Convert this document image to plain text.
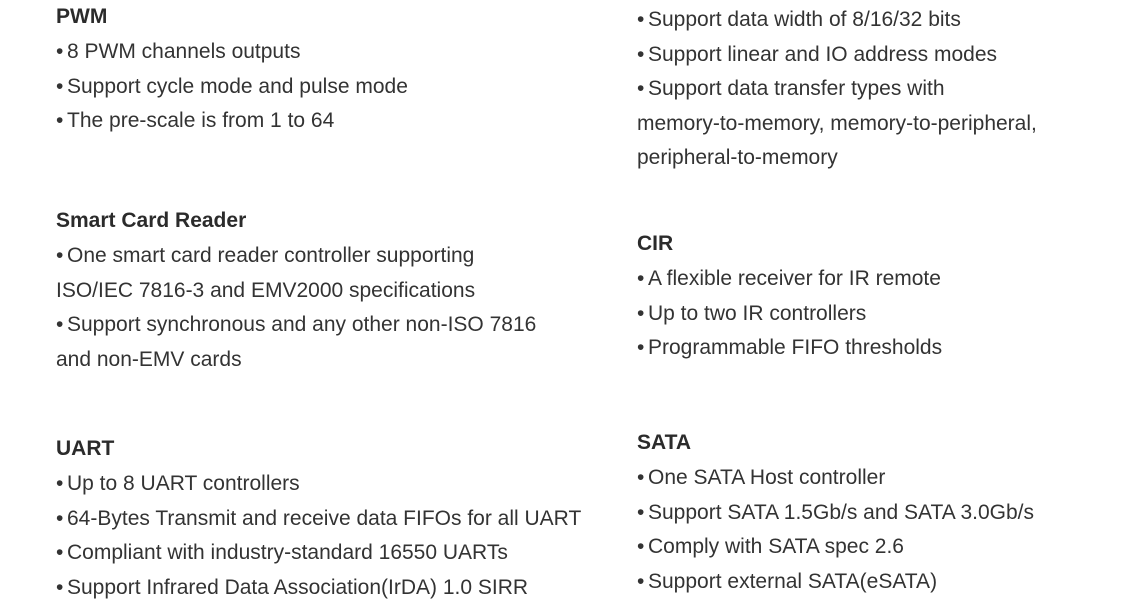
PWM
• 8 PWM channels outputs
• Support cycle mode and pulse mode
• The pre-scale is from 1 to 64
Smart Card Reader
• One smart card reader controller supporting
ISO/IEC 7816-3 and EMV2000 specifications
• Support synchronous and any other non-ISO 7816
and non-EMV cards
UART
• Up to 8 UART controllers
• 64-Bytes Transmit and receive data FIFOs for all UART
• Compliant with industry-standard 16550 UARTs
• Support Infrared Data Association(IrDA) 1.0 SIRR
• Support data width of 8/16/32 bits
• Support linear and IO address modes
• Support data transfer types with
memory-to-memory, memory-to-peripheral,
peripheral-to-memory
CIR
• A flexible receiver for IR remote
• Up to two IR controllers
• Programmable FIFO thresholds
SATA
• One SATA Host controller
• Support SATA 1.5Gb/s and SATA 3.0Gb/s
• Comply with SATA spec 2.6
• Support external SATA(eSATA)
